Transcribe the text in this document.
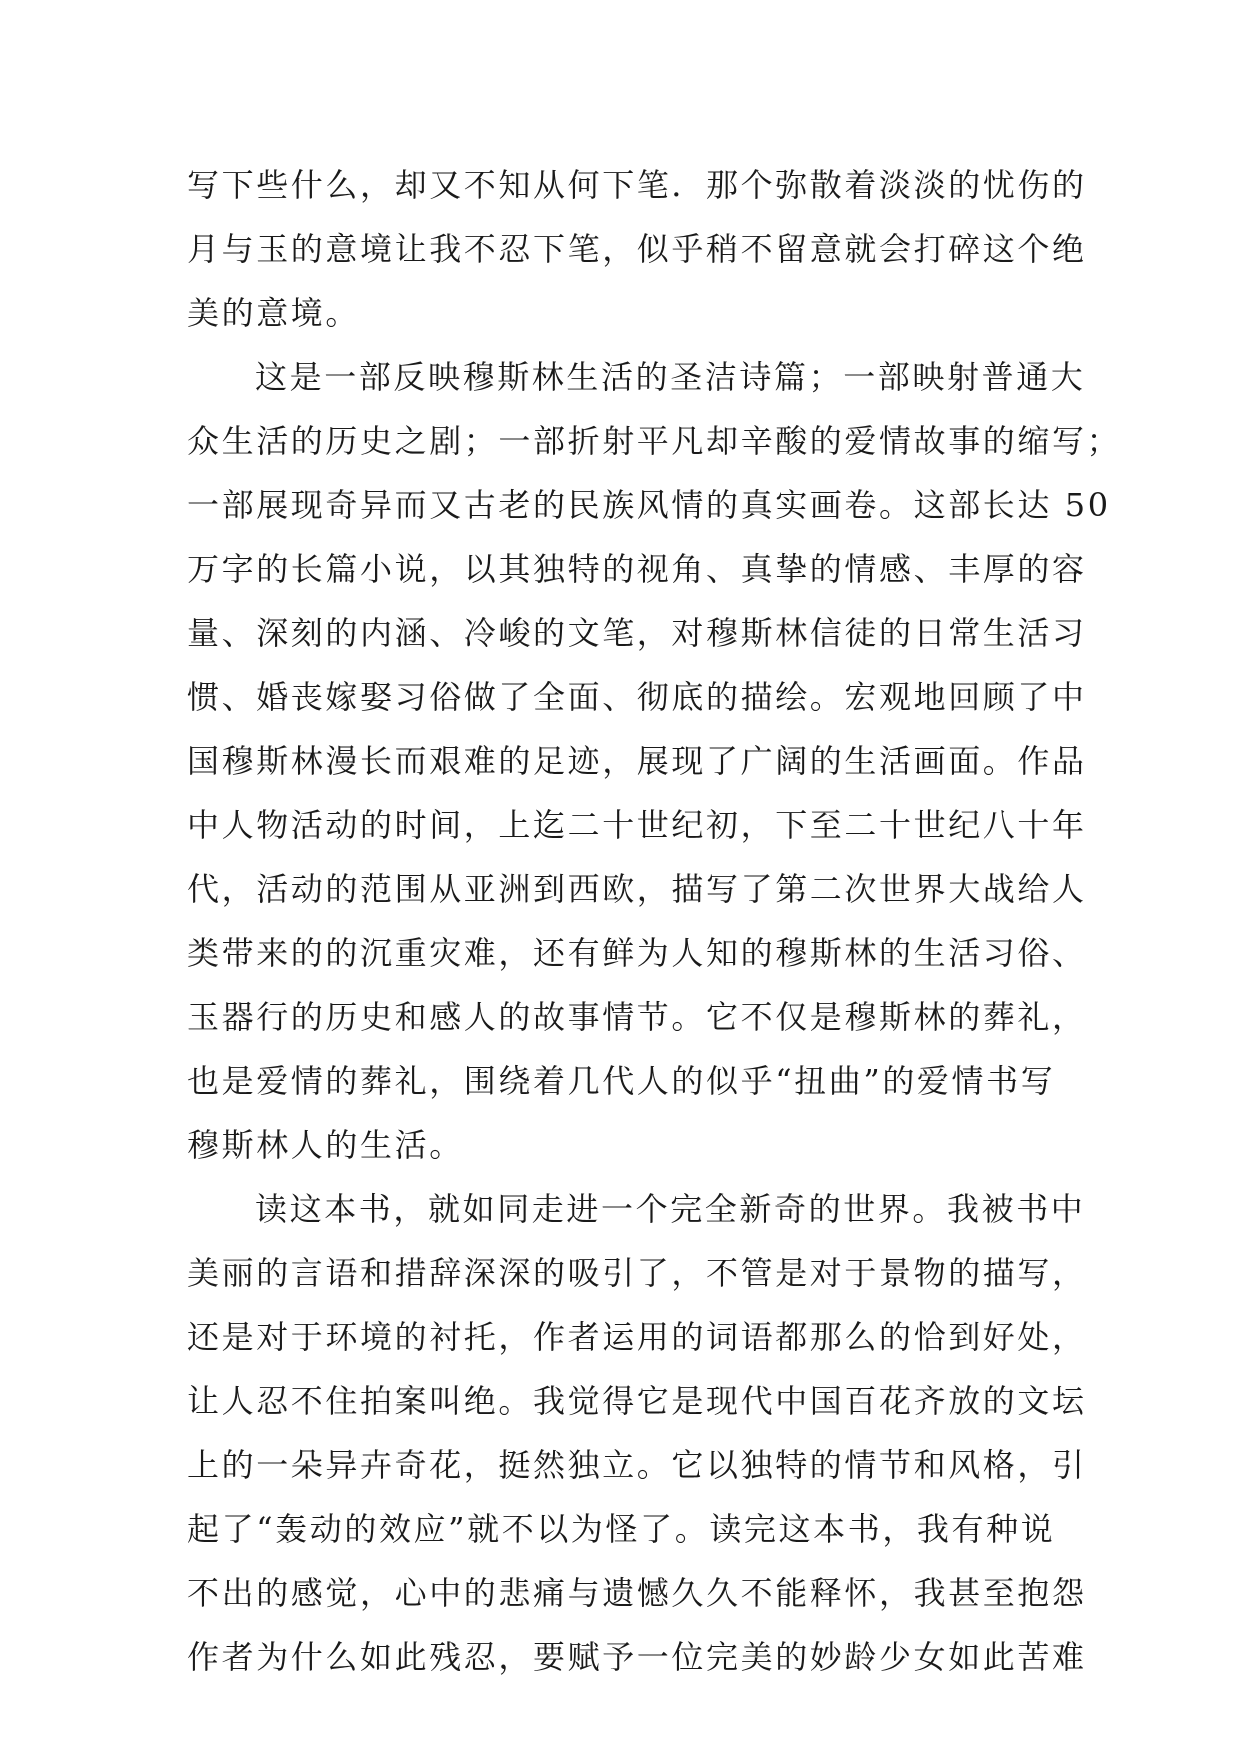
写下些什么，却又不知从何下笔．那个弥散着淡淡的忧伤的
月与玉的意境让我不忍下笔，似乎稍不留意就会打碎这个绝
美的意境。
这是一部反映穆斯林生活的圣洁诗篇；一部映射普通大
众生活的历史之剧；一部折射平凡却辛酸的爱情故事的缩写；
一部展现奇异而又古老的民族风情的真实画卷。这部长达 50
万字的长篇小说，以其独特的视角、真挚的情感、丰厚的容
量、深刻的内涵、冷峻的文笔，对穆斯林信徒的日常生活习
惯、婚丧嫁娶习俗做了全面、彻底的描绘。宏观地回顾了中
国穆斯林漫长而艰难的足迹，展现了广阔的生活画面。作品
中人物活动的时间，上迄二十世纪初，下至二十世纪八十年
代，活动的范围从亚洲到西欧，描写了第二次世界大战给人
类带来的的沉重灾难，还有鲜为人知的穆斯林的生活习俗、
玉器行的历史和感人的故事情节。它不仅是穆斯林的葬礼，
也是爱情的葬礼，围绕着几代人的似乎“扭曲”的爱情书写
穆斯林人的生活。
读这本书，就如同走进一个完全新奇的世界。我被书中
美丽的言语和措辞深深的吸引了，不管是对于景物的描写，
还是对于环境的衬托，作者运用的词语都那么的恰到好处，
让人忍不住拍案叫绝。我觉得它是现代中国百花齐放的文坛
上的一朵异卉奇花，挺然独立。它以独特的情节和风格，引
起了“轰动的效应”就不以为怪了。读完这本书，我有种说
不出的感觉，心中的悲痛与遗憾久久不能释怀，我甚至抱怨
作者为什么如此残忍，要赋予一位完美的妙龄少女如此苦难
